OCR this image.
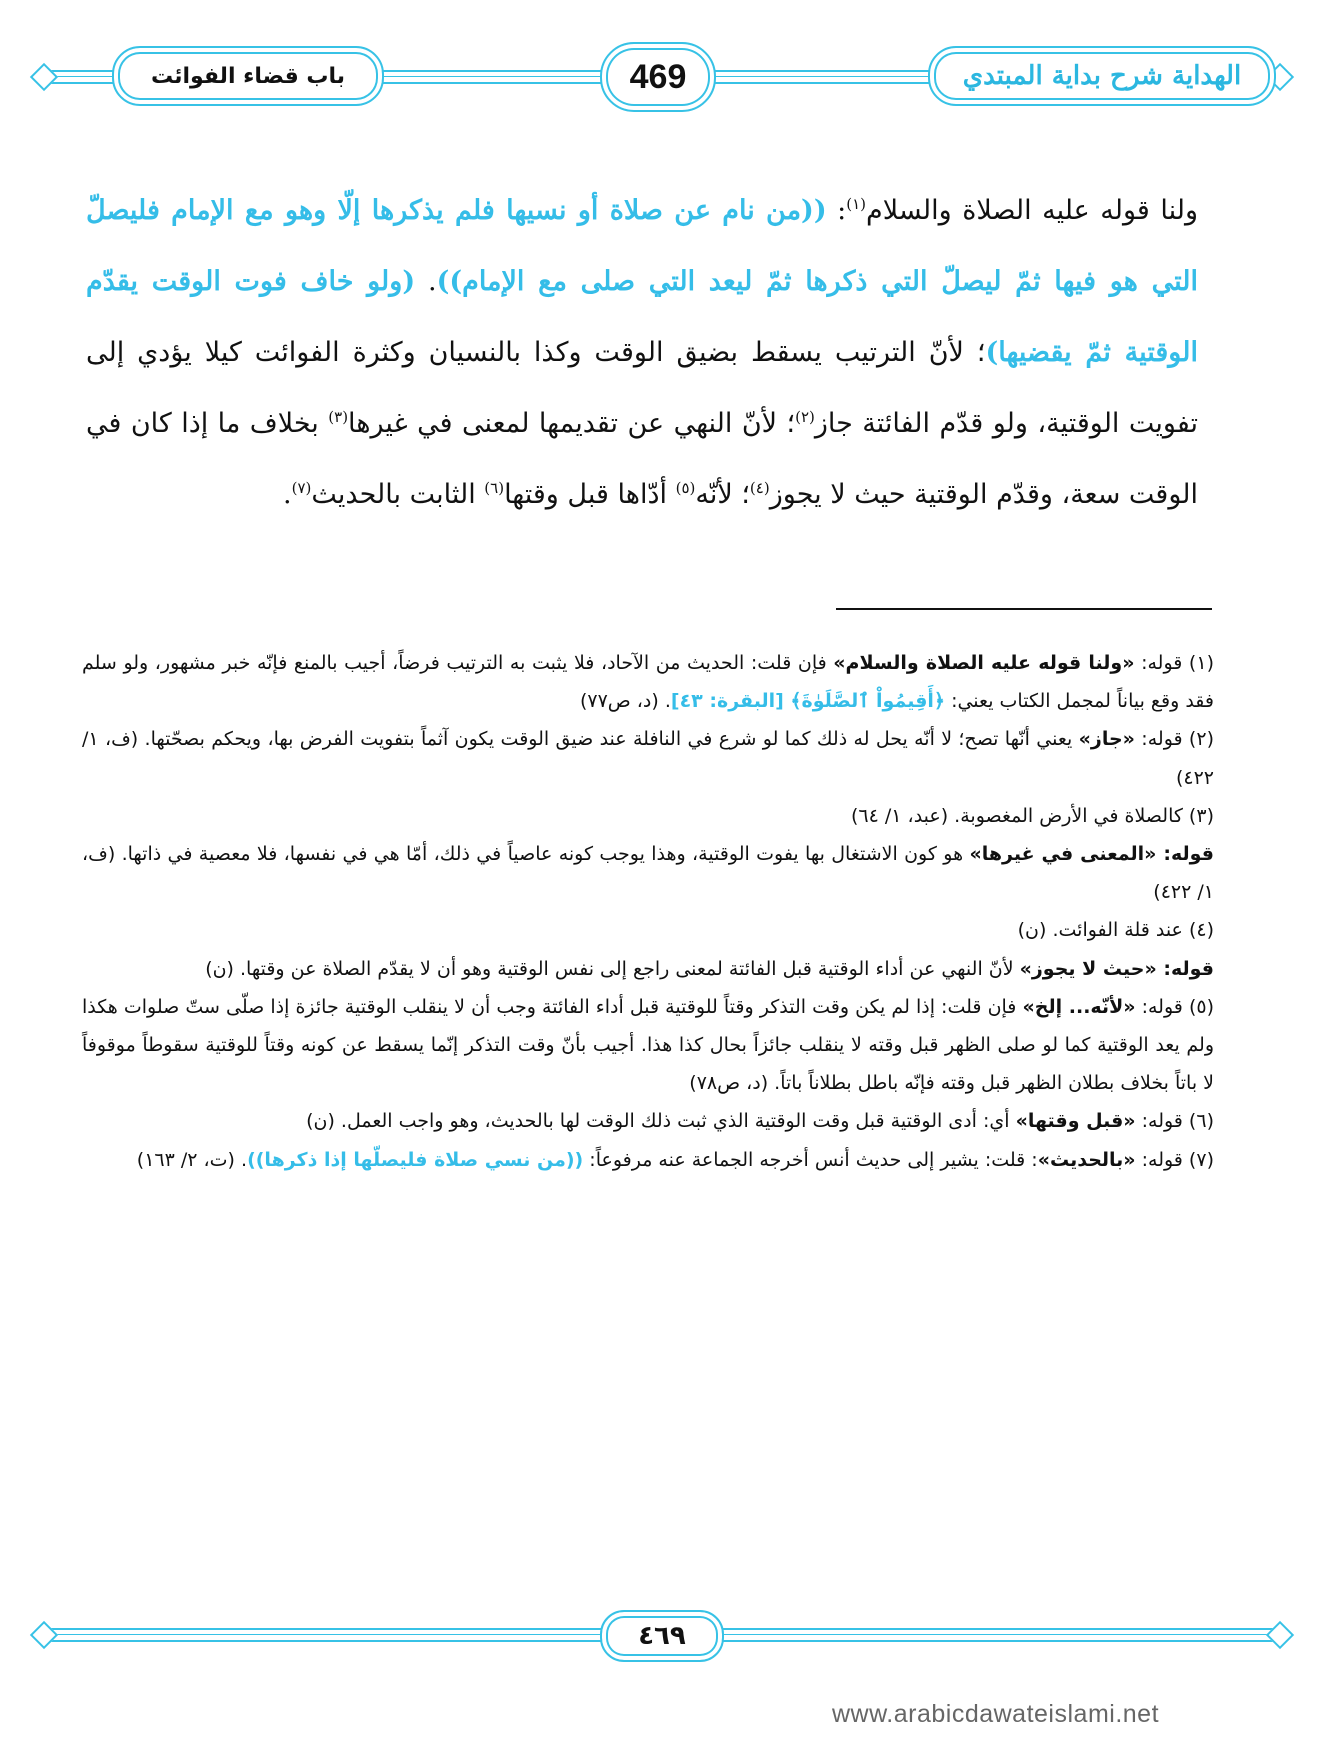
باب قضاء الفوائت	469	الهداية شرح بداية المبتدي

ولنا قوله عليه الصلاة والسلام$^{(١)}$: ((من نام عن صلاة أو نسيها فلم يذكرها إلّا وهو مع الإمام فليصلّ التي هو فيها ثمّ ليصلّ التي ذكرها ثمّ ليعد التي صلى مع الإمام)). (ولو خاف فوت الوقت يقدّم الوقتية ثمّ يقضيها)؛ لأنّ الترتيب يسقط بضيق الوقت وكذا بالنسيان وكثرة الفوائت كيلا يؤدي إلى تفويت الوقتية، ولو قدّم الفائتة جاز$^{(٢)}$؛ لأنّ النهي عن تقديمها لمعنى في غيرها$^{(٣)}$ بخلاف ما إذا كان في الوقت سعة، وقدّم الوقتية حيث لا يجوز$^{(٤)}$؛ لأنّه$^{(٥)}$ أدّاها قبل وقتها$^{(٦)}$ الثابت بالحديث$^{(٧)}$.

(١) قوله: «ولنا قوله عليه الصلاة والسلام» فإن قلت: الحديث من الآحاد، فلا يثبت به الترتيب فرضاً، أجيب بالمنع فإنّه خبر مشهور، ولو سلم فقد وقع بياناً لمجمل الكتاب يعني: ﴿أَقِيمُواْ ٱلصَّلَوٰةَ﴾ [البقرة: ٤٣]. (د، ص٧٧)

(٢) قوله: «جاز» يعني أنّها تصح؛ لا أنّه يحل له ذلك كما لو شرع في النافلة عند ضيق الوقت يكون آثماً بتفويت الفرض بها، ويحكم بصحّتها. (ف، ١/ ٤٢٢)

(٣) كالصلاة في الأرض المغصوبة. (عبد، ١/ ٦٤)

قوله: «المعنى في غيرها» هو كون الاشتغال بها يفوت الوقتية، وهذا يوجب كونه عاصياً في ذلك، أمّا هي في نفسها، فلا معصية في ذاتها. (ف، ١/ ٤٢٢)

(٤) عند قلة الفوائت. (ن)

قوله: «حيث لا يجوز» لأنّ النهي عن أداء الوقتية قبل الفائتة لمعنى راجع إلى نفس الوقتية وهو أن لا يقدّم الصلاة عن وقتها. (ن)

(٥) قوله: «لأنّه... إلخ» فإن قلت: إذا لم يكن وقت التذكر وقتاً للوقتية قبل أداء الفائتة وجب أن لا ينقلب الوقتية جائزة إذا صلّى ستّ صلوات هكذا ولم يعد الوقتية كما لو صلى الظهر قبل وقته لا ينقلب جائزاً بحال كذا هذا. أجيب بأنّ وقت التذكر إنّما يسقط عن كونه وقتاً للوقتية سقوطاً موقوفاً لا باتاً بخلاف بطلان الظهر قبل وقته فإنّه باطل بطلاناً باتاً. (د، ص٧٨)

(٦) قوله: «قبل وقتها» أي: أدى الوقتية قبل وقت الوقتية الذي ثبت ذلك الوقت لها بالحديث، وهو واجب العمل. (ن)

(٧) قوله: «بالحديث»: قلت: يشير إلى حديث أنس أخرجه الجماعة عنه مرفوعاً: ((من نسي صلاة فليصلّها إذا ذكرها)). (ت، ٢/ ١٦٣)

٤٦٩
www.arabicdawateislami.net
